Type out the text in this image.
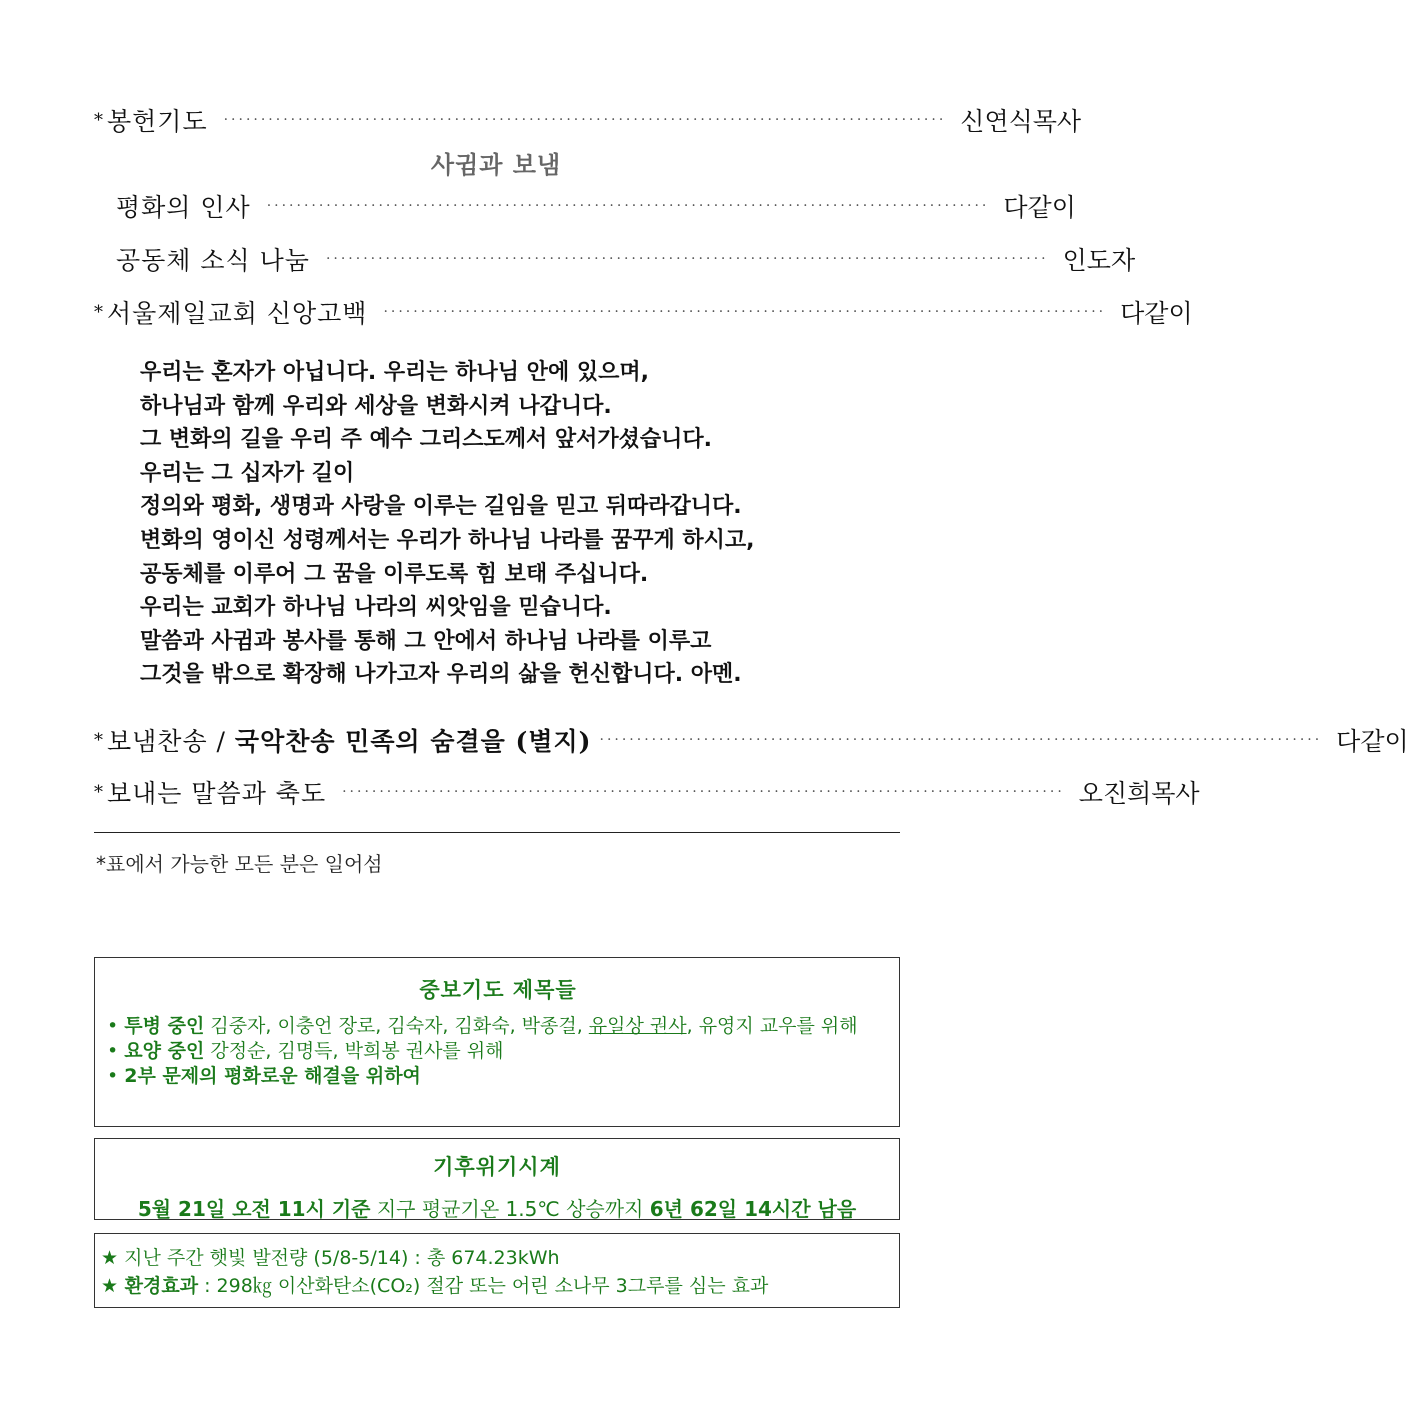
* 봉헌기도 ································································································· 신 연 식 목 사
사귐과 보냄
평화의 인사 ································································································· 다 같 이
공동체 소식 나눔 ································································································· 인 도 자
* 서울제일교회 신앙고백 ································································································· 다 같 이
우리는 혼자가 아닙니다. 우리는 하나님 안에 있으며,
하나님과 함께 우리와 세상을 변화시켜 나갑니다.
그 변화의 길을 우리 주 예수 그리스도께서 앞서가셨습니다.
우리는 그 십자가 길이
정의와 평화, 생명과 사랑을 이루는 길임을 믿고 뒤따라갑니다.
변화의 영이신 성령께서는 우리가 하나님 나라를 꿈꾸게 하시고,
공동체를 이루어 그 꿈을 이루도록 힘 보태 주십니다.
우리는 교회가 하나님 나라의 씨앗임을 믿습니다.
말씀과 사귐과 봉사를 통해 그 안에서 하나님 나라를 이루고
그것을 밖으로 확장해 나가고자 우리의 삶을 헌신합니다. 아멘.
* 보냄찬송 / 국악찬송 민족의 숨결을 (별지) ································································································· 다 같 이
* 보내는 말씀과 축도 ································································································· 오 진 희 목 사
*표에서 가능한 모든 분은 일어섬
중보기도 제목들
• 투병 중인 김중자, 이충언 장로, 김숙자, 김화숙, 박종걸, 유일상 권사, 유영지 교우를 위해
• 요양 중인 강정순, 김명득, 박희봉 권사를 위해
• 2부 문제의 평화로운 해결을 위하여
기후위기시계
5월 21일 오전 11시 기준 지구 평균기온 1.5℃ 상승까지 6년 62일 14시간 남음
★ 지난 주간 햇빛 발전량 (5/8-5/14) : 총 674.23kWh
★ 환경효과 : 298㎏ 이산화탄소(CO₂) 절감 또는 어린 소나무 3그루를 심는 효과
